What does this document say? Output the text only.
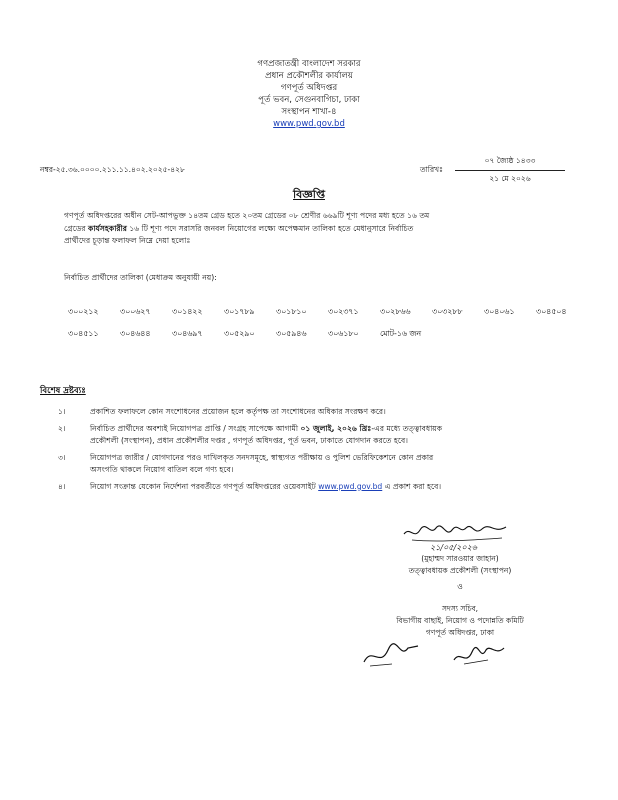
গণপ্রজাতন্ত্রী বাংলাদেশ সরকার
প্রধান প্রকৌশলীর কার্যালয়
গণপূর্ত অধিদপ্তর
পূর্ত ভবন, সেগুনবাগিচা, ঢাকা
সংস্থাপন শাখা-৪
www.pwd.gov.bd
নম্বর-২৫.৩৬.০০০০.২১১.১১.৪০২.২০২৫-৪২৮	তারিখঃ
০৭ জ্যৈষ্ঠ ১৪৩৩
২১ মে ২০২৬
বিজ্ঞপ্তি
গণপূর্ত অধিদপ্তরের অধীন সেট-আপভুক্ত ১৪তম গ্রেড হতে ২০তম গ্রেডের ০৮ শ্রেণীর ৬৬৯টি শূণ্য পদের মধ্য হতে ১৬ তম
গ্রেডের কার্যসহকারীর ১৬ টি শূণ্য পদে সরাসরি জনবল নিয়োগের লক্ষ্যে অপেক্ষমান তালিকা হতে মেধানুসারে নির্বাচিত
প্রার্থীদের চূড়ান্ত ফলাফল নিম্নে দেয়া হলোঃ
নির্বাচিত প্রার্থীদের তালিকা (মেধাক্রম অনুযায়ী নয়):
৩০০২১২	৩০০৬২৭	৩০১৪২২	৩০১৭৮৯	৩০১৮১০	৩০২৩৭১	৩০২৮৬৬	৩০৩২৮৮	৩০৪০৬১	৩০৪৫০৪
৩০৪৫১১	৩০৪৬৪৪	৩০৪৬৯৭	৩০৫২৯০	৩০৫৯৪৬	৩০৬১৮০	মোট-১৬ জন
বিশেষ দ্রষ্টব্যঃ
১।	প্রকাশিত ফলাফলে কোন সংশোধনের প্রয়োজন হলে কর্তৃপক্ষ তা সংশোধনের অধিকার সংরক্ষণ করে।
২।	নির্বাচিত প্রার্থীদের অবশ্যই নিয়োগপত্র প্রাপ্তি / সংগ্রহ সাপেক্ষে আগামী ০১ জুলাই, ২০২৬ খ্রিঃ-এর মধ্যে তত্ত্বাবধায়ক
প্রকৌশলী (সংস্থাপন), প্রধান প্রকৌশলীর দপ্তর , গণপূর্ত অধিদপ্তর, পূর্ত ভবন, ঢাকাতে যোগদান করতে হবে।
৩।	নিয়োগপত্র জারীর / যোগদানের পরও দাখিলকৃত সনদসমূহে, স্বাস্থ্যগত পরীক্ষায় ও পুলিশ ভেরিফিকেশনে কোন প্রকার
অসংগতি থাকলে নিয়োগ বাতিল বলে গণ্য হবে।
৪।	নিয়োগ সংক্রান্ত যেকোন নির্দেশনা পরবর্তীতে গণপূর্ত অধিদপ্তরের ওয়েবসাইট www.pwd.gov.bd এ প্রকাশ করা হবে।
২১/০৫/২০২৬
(মুহাম্মদ সারওয়ার জাহান)
তত্ত্বাবধায়ক প্রকৌশলী (সংস্থাপন)
ও
সদস্য সচিব,
বিভাগীয় বাছাই, নিয়োগ ও পদোন্নতি কমিটি
গণপূর্ত অধিদপ্তর, ঢাকা
